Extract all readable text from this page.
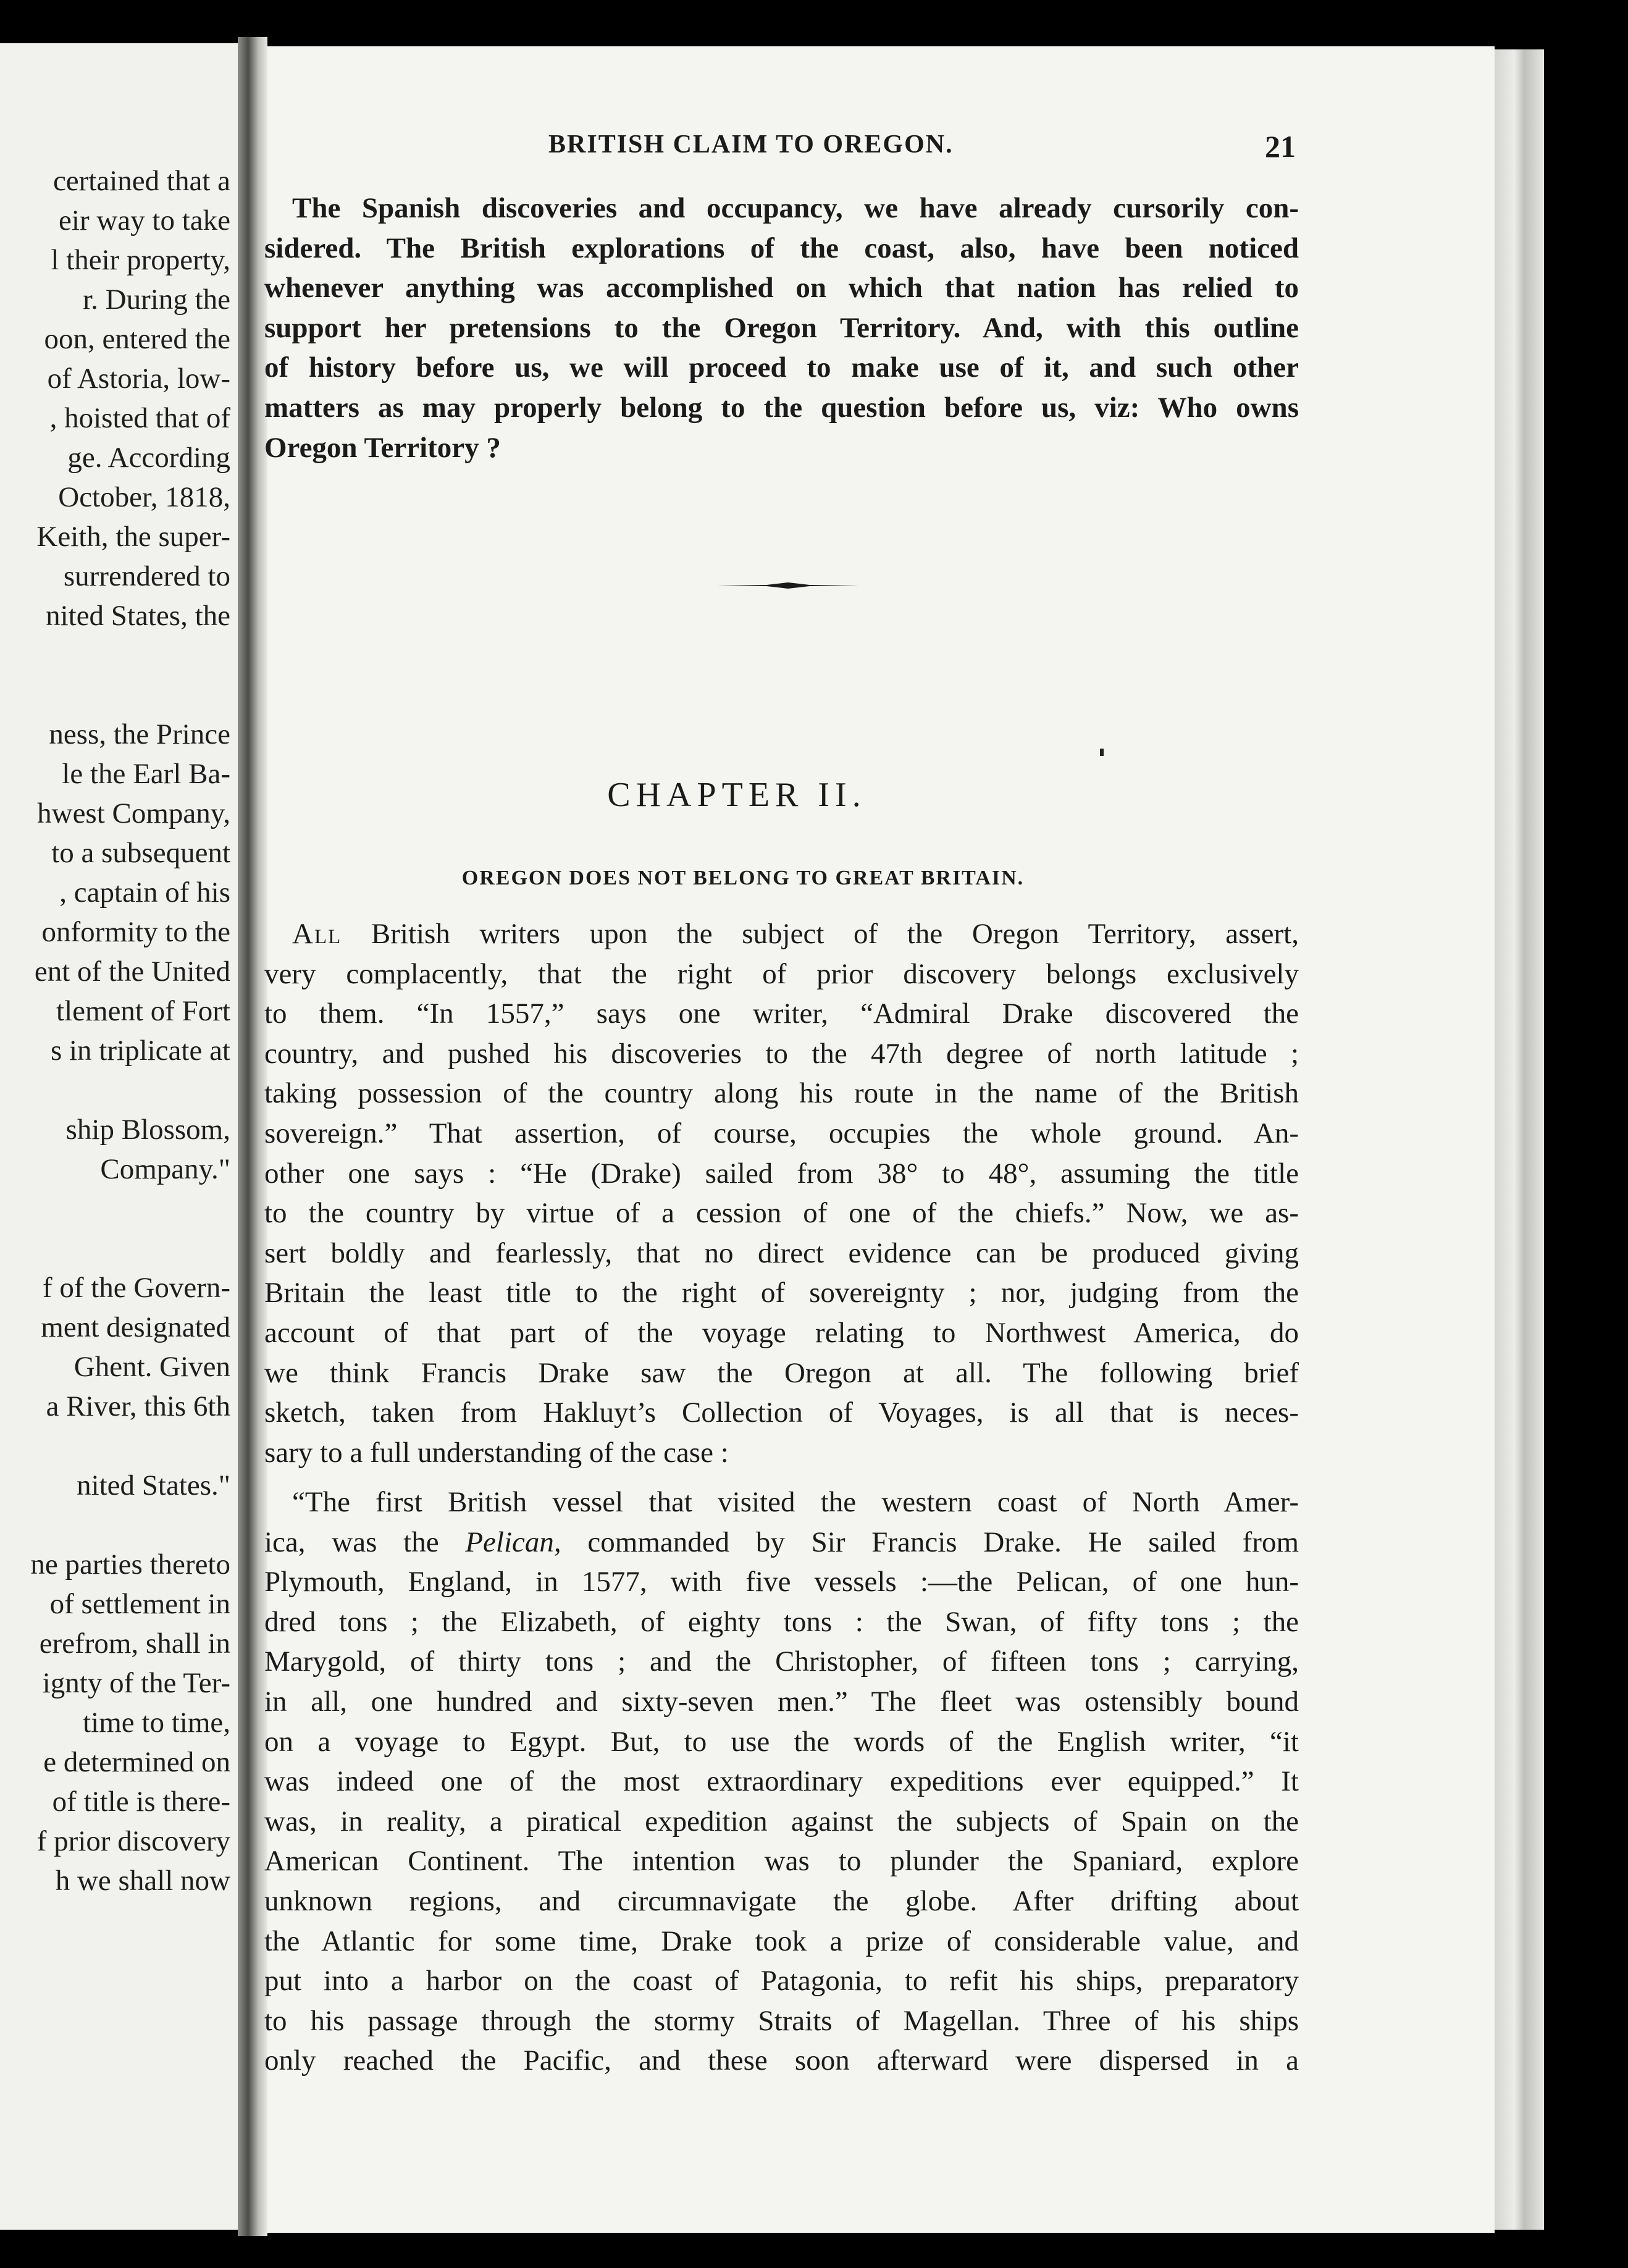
certained that a
eir way to take
l their property,
r. During the
oon, entered the
of Astoria, low-
, hoisted that of
ge. According
October, 1818,
Keith, the super-
surrendered to
nited States, the
ness, the Prince
le the Earl Ba-
hwest Company,
to a subsequent
, captain of his
onformity to the
ent of the United
tlement of Fort
s in triplicate at
ship Blossom,
Company."
f of the Govern-
ment designated
Ghent. Given
a River, this 6th
nited States."
ne parties thereto
of settlement in
erefrom, shall in
ignty of the Ter-
time to time,
e determined on
of title is there-
f prior discovery
h we shall now
BRITISH CLAIM TO OREGON.	21
The Spanish discoveries and occupancy, we have already cursorily con-
sidered. The British explorations of the coast, also, have been noticed
whenever anything was accomplished on which that nation has relied to
support her pretensions to the Oregon Territory. And, with this outline
of history before us, we will proceed to make use of it, and such other
matters as may properly belong to the question before us, viz: Who owns
Oregon Territory ?
CHAPTER II.
OREGON DOES NOT BELONG TO GREAT BRITAIN.
All British writers upon the subject of the Oregon Territory, assert,
very complacently, that the right of prior discovery belongs exclusively
to them. “In 1557,” says one writer, “Admiral Drake discovered the
country, and pushed his discoveries to the 47th degree of north latitude ;
taking possession of the country along his route in the name of the British
sovereign.” That assertion, of course, occupies the whole ground. An-
other one says : “He (Drake) sailed from 38° to 48°, assuming the title
to the country by virtue of a cession of one of the chiefs.” Now, we as-
sert boldly and fearlessly, that no direct evidence can be produced giving
Britain the least title to the right of sovereignty ; nor, judging from the
account of that part of the voyage relating to Northwest America, do
we think Francis Drake saw the Oregon at all. The following brief
sketch, taken from Hakluyt’s Collection of Voyages, is all that is neces-
sary to a full understanding of the case :
“The first British vessel that visited the western coast of North Amer-
ica, was the Pelican, commanded by Sir Francis Drake. He sailed from
Plymouth, England, in 1577, with five vessels :—the Pelican, of one hun-
dred tons ; the Elizabeth, of eighty tons : the Swan, of fifty tons ; the
Marygold, of thirty tons ; and the Christopher, of fifteen tons ; carrying,
in all, one hundred and sixty-seven men.” The fleet was ostensibly bound
on a voyage to Egypt. But, to use the words of the English writer, “it
was indeed one of the most extraordinary expeditions ever equipped.” It
was, in reality, a piratical expedition against the subjects of Spain on the
American Continent. The intention was to plunder the Spaniard, explore
unknown regions, and circumnavigate the globe. After drifting about
the Atlantic for some time, Drake took a prize of considerable value, and
put into a harbor on the coast of Patagonia, to refit his ships, preparatory
to his passage through the stormy Straits of Magellan. Three of his ships
only reached the Pacific, and these soon afterward were dispersed in a
